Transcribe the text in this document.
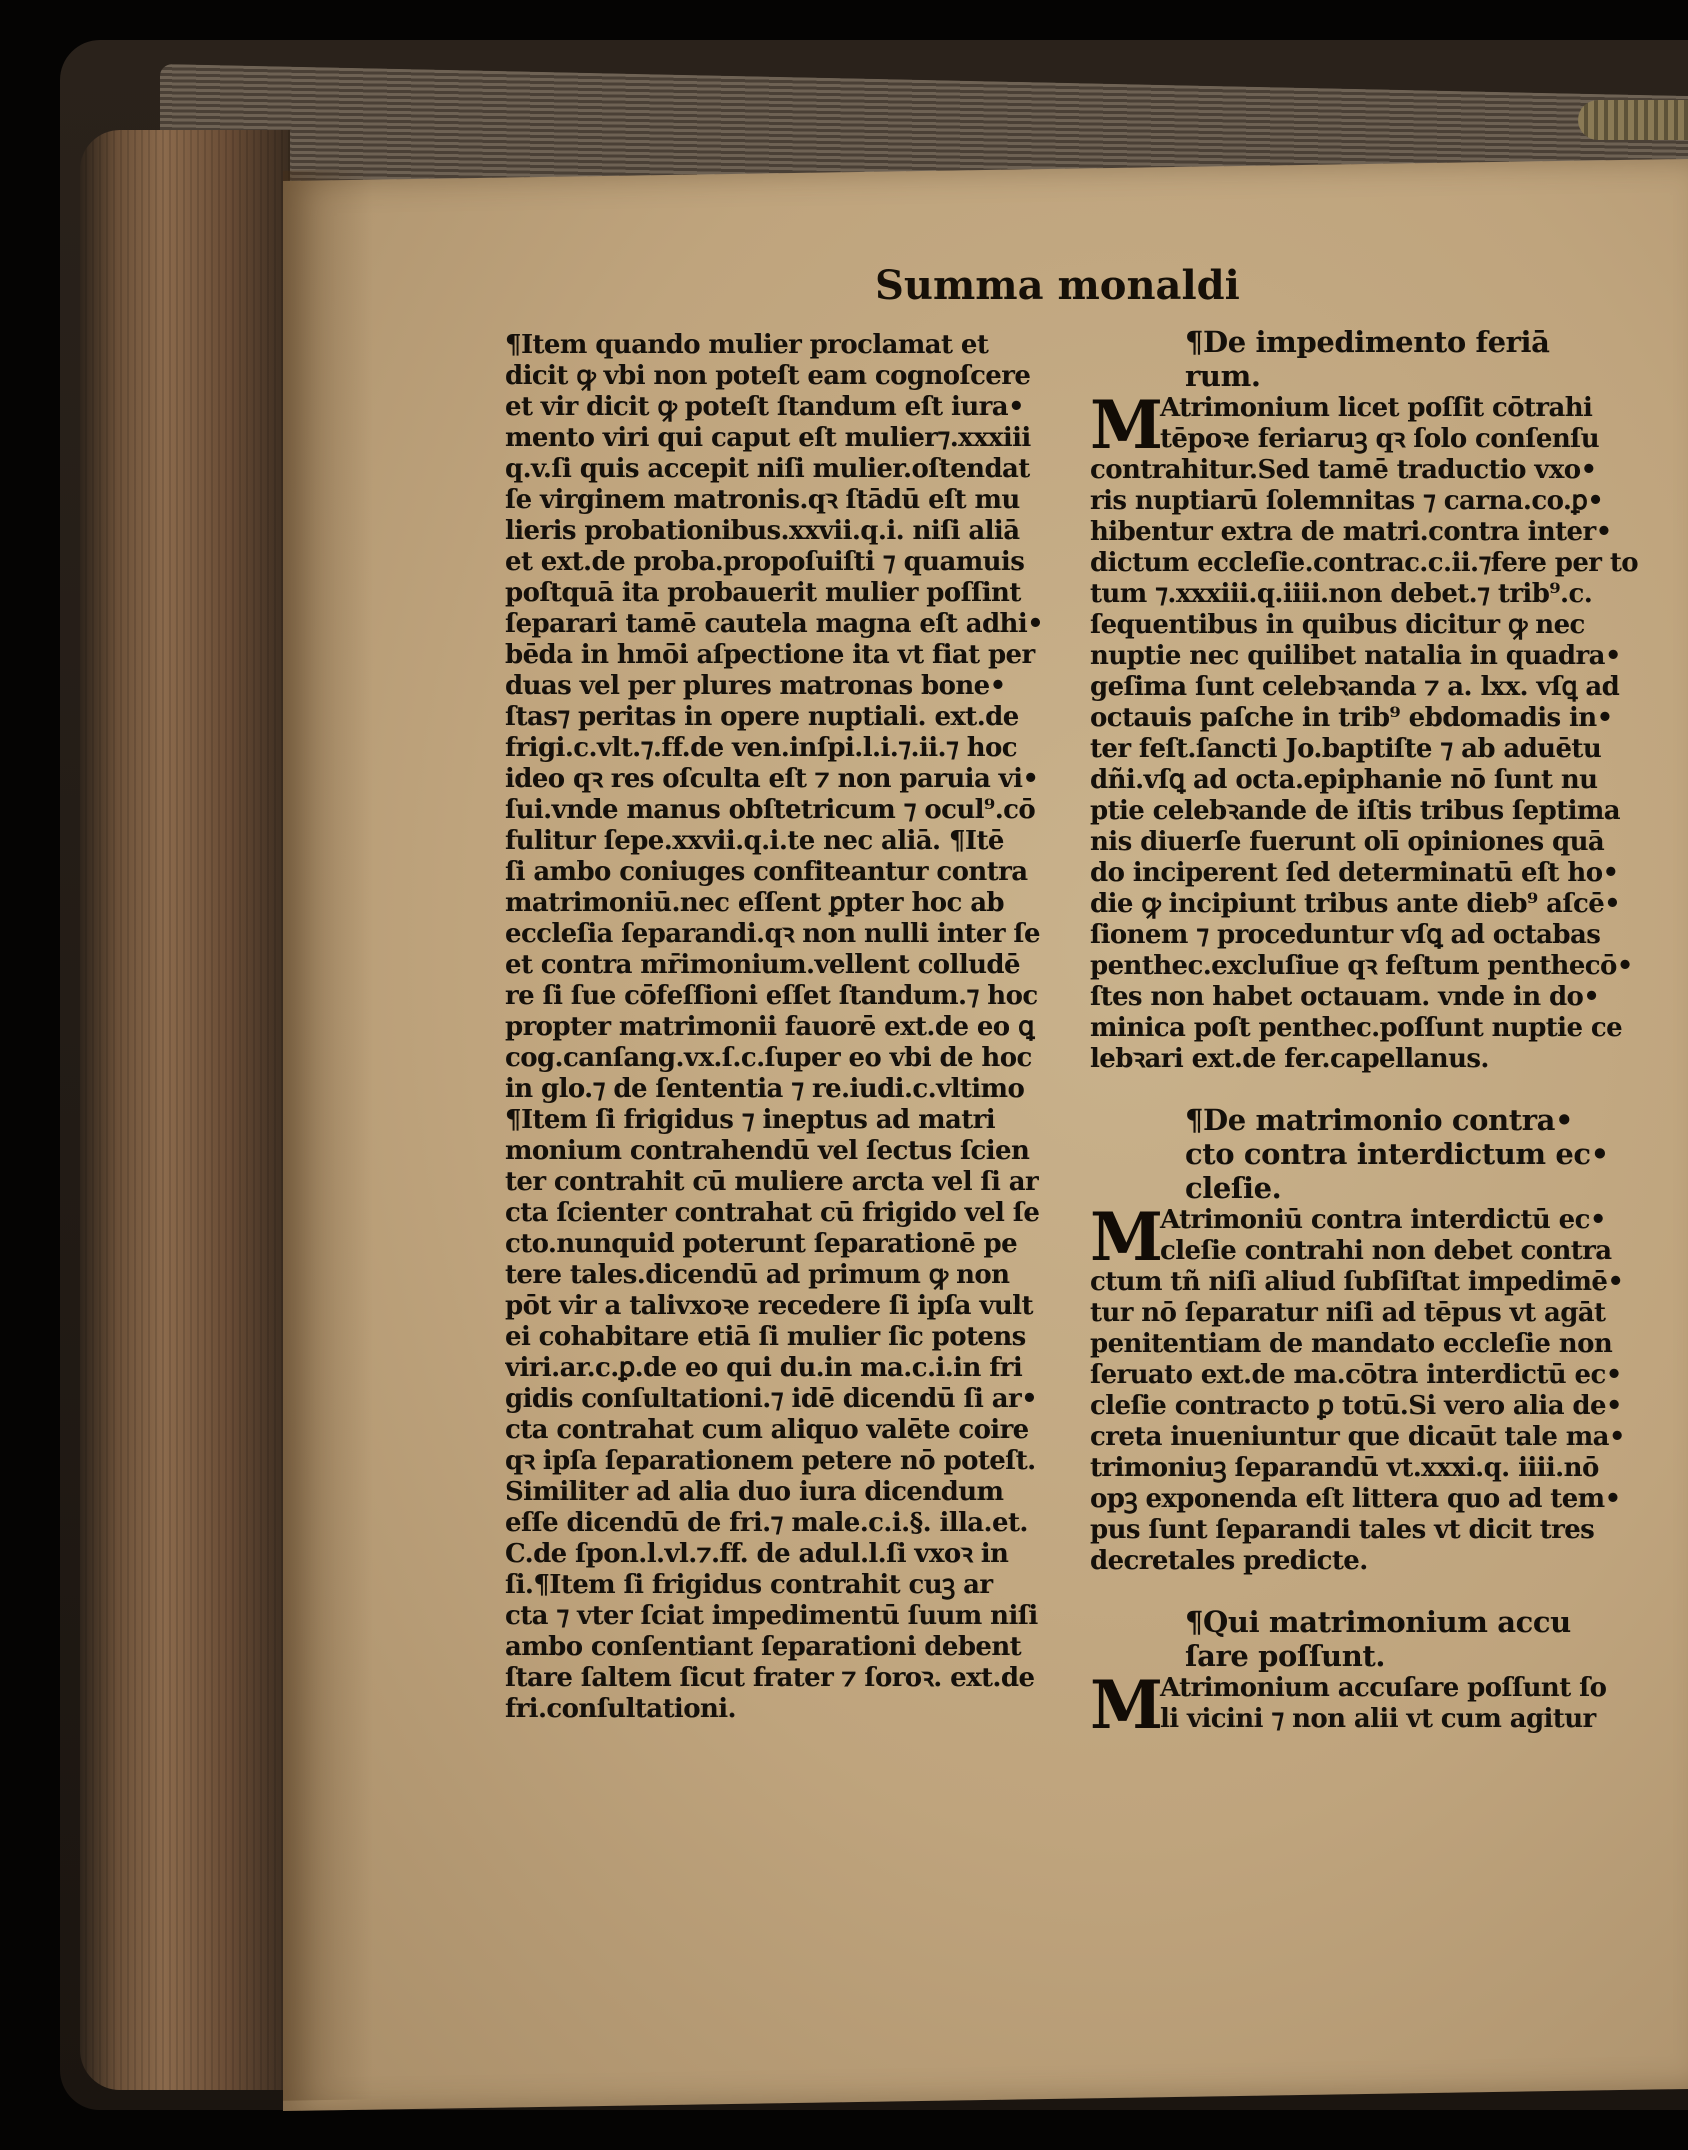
Summa monaldi
¶Item quando mulier proclamat et
dicit ꝙ vbi non poteſt eam cognoſcere
et vir dicit ꝙ poteſt ſtandum eſt iura•
mento viri qui caput eſt mulier⁊.xxxiii
q.v.ſi quis accepit niſi mulier.oſtendat
ſe virginem matronis.qꝛ ſtādū eſt mu
lieris probationibus.xxvii.q.i. niſi aliā
et ext.de proba.propoſuiſti ⁊ quamuis
poſtquā ita probauerit mulier poſſint
ſeparari tamē cautela magna eſt adhi•
bēda in hmōi aſpectione ita vt fiat per
duas vel per plures matronas bone•
ſtas⁊ peritas in opere nuptiali. ext.de
frigi.c.vlt.⁊.ff.de ven.inſpi.l.i.⁊.ii.⁊ hoc
ideo qꝛ res oſculta eſt ⁊ non paruia vi•
ſui.vnde manus obſtetricum ⁊ ocul⁹.cō
fulitur ſepe.xxvii.q.i.te nec aliā. ¶Itē
ſi ambo coniuges confiteantur contra
matrimoniū.nec eſſent ꝑpter hoc ab
eccleſia ſeparandi.qꝛ non nulli inter ſe
et contra mr̄imonium.vellent colludē
re ſi ſue cōfeſſioni eſſet ſtandum.⁊ hoc
propter matrimonii fauorē ext.de eo ꝗ
cog.canſang.vx.ſ.c.ſuper eo vbi de hoc
in glo.⁊ de ſententia ⁊ re.iudi.c.vltimo
¶Item ſi frigidus ⁊ ineptus ad matri
monium contrahendū vel ſectus ſcien
ter contrahit cū muliere arcta vel ſi ar
cta ſcienter contrahat cū frigido vel ſe
cto.nunquid poterunt ſeparationē pe
tere tales.dicendū ad primum ꝙ non
pōt vir a talivxoꝛe recedere ſi ipſa vult
ei cohabitare etiā ſi mulier ſic potens
viri.ar.c.ꝑ.de eo qui du.in ma.c.i.in fri
gidis conſultationi.⁊ idē dicendū ſi ar•
cta contrahat cum aliquo valēte coire
qꝛ ipſa ſeparationem petere nō poteſt.
Similiter ad alia duo iura dicendum
eſſe dicendū de fri.⁊ male.c.i.§. illa.et.
C.de ſpon.l.vl.⁊.ff. de adul.l.ſi vxoꝛ in
ſi.¶Item ſi frigidus contrahit cuꝫ ar
cta ⁊ vter ſciat impedimentū ſuum niſi
ambo conſentiant ſeparationi debent
ſtare ſaltem ſicut frater ⁊ ſoroꝛ. ext.de
fri.conſultationi.
¶De impedimento feriā
rum.
M
Atrimonium licet poſſit cōtrahi
tēpoꝛe feriaruꝫ qꝛ ſolo conſenſu
contrahitur.Sed tamē traductio vxo•
ris nuptiarū ſolemnitas ⁊ carna.co.ꝑ•
hibentur extra de matri.contra inter•
dictum eccleſie.contrac.c.ii.⁊fere per to
tum ⁊.xxxiii.q.iiii.non debet.⁊ trib⁹.c.
ſequentibus in quibus dicitur ꝙ nec
nuptie nec quilibet natalia in quadra•
geſima ſunt celebꝛanda ⁊ a. lxx. vſꝗ ad
octauis paſche in trib⁹ ebdomadis in•
ter feſt.ſancti Jo.baptiſte ⁊ ab aduētu
dñi.vſꝗ ad octa.epiphanie nō ſunt nu
ptie celebꝛande de iſtis tribus ſeptima
nis diuerſe fuerunt olī opiniones quā
do inciperent ſed determinatū eſt ho•
die ꝙ incipiunt tribus ante dieb⁹ aſcē•
ſionem ⁊ proceduntur vſꝗ ad octabas
penthec.excluſiue qꝛ feſtum penthecō•
ſtes non habet octauam. vnde in do•
minica poſt penthec.poſſunt nuptie ce
lebꝛari ext.de fer.capellanus.
¶De matrimonio contra•
cto contra interdictum ec•
cleſie.
M
Atrimoniū contra interdictū ec•
cleſie contrahi non debet contra
ctum tñ niſi aliud ſubſiſtat impedimē•
tur nō ſeparatur niſi ad tēpus vt agāt
penitentiam de mandato eccleſie non
ſeruato ext.de ma.cōtra interdictū ec•
cleſie contracto ꝑ totū.Si vero alia de•
creta inueniuntur que dicaūt tale ma•
trimoniuꝫ ſeparandū vt.xxxi.q. iiii.nō
opꝫ exponenda eſt littera quo ad tem•
pus ſunt ſeparandi tales vt dicit tres
decretales predicte.
¶Qui matrimonium accu
ſare poſſunt.
M
Atrimonium accuſare poſſunt ſo
li vicini ⁊ non alii vt cum agitur
